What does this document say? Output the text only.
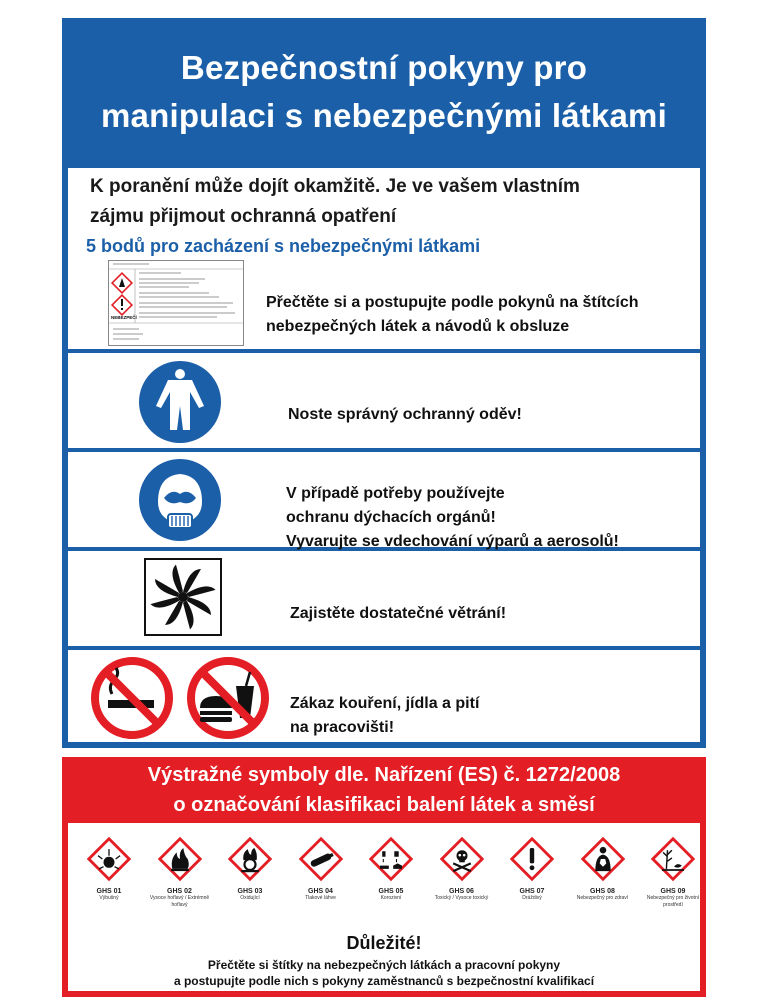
Bezpečnostní pokyny pro
manipulaci s nebezpečnými látkami
K poranění může dojít okamžitě. Je ve vašem vlastním
zájmu přijmout ochranná opatření
5 bodů pro zacházení s nebezpečnými látkami
NEBEZPEČÍ
Přečtěte si a postupujte podle pokynů na štítcích
nebezpečných látek a návodů k obsluze
Noste správný ochranný oděv!
V případě potřeby používejte
ochranu dýchacích orgánů!
Vyvarujte se vdechování výparů a aerosolů!
Zajistěte dostatečné větrání!
Zákaz kouření, jídla a pití
na pracovišti!
Výstražné symboly dle. Nařízení (ES) č. 1272/2008
o označování klasifikaci balení látek a směsí
GHS 01
Výbušný
GHS 02
Vysoce hořlavý / Extrémně hořlavý
GHS 03
Oxidující
GHS 04
Tlakové láhve
GHS 05
Korozivní
GHS 06
Toxický / Vysoce toxický
GHS 07
Dráždivý
GHS 08
Nebezpečný pro zdraví
GHS 09
Nebezpečný pro životní prostředí
Důležité!
Přečtěte si štítky na nebezpečných látkách a pracovní pokyny
a postupujte podle nich s pokyny zaměstnanců s bezpečnostní kvalifikací
